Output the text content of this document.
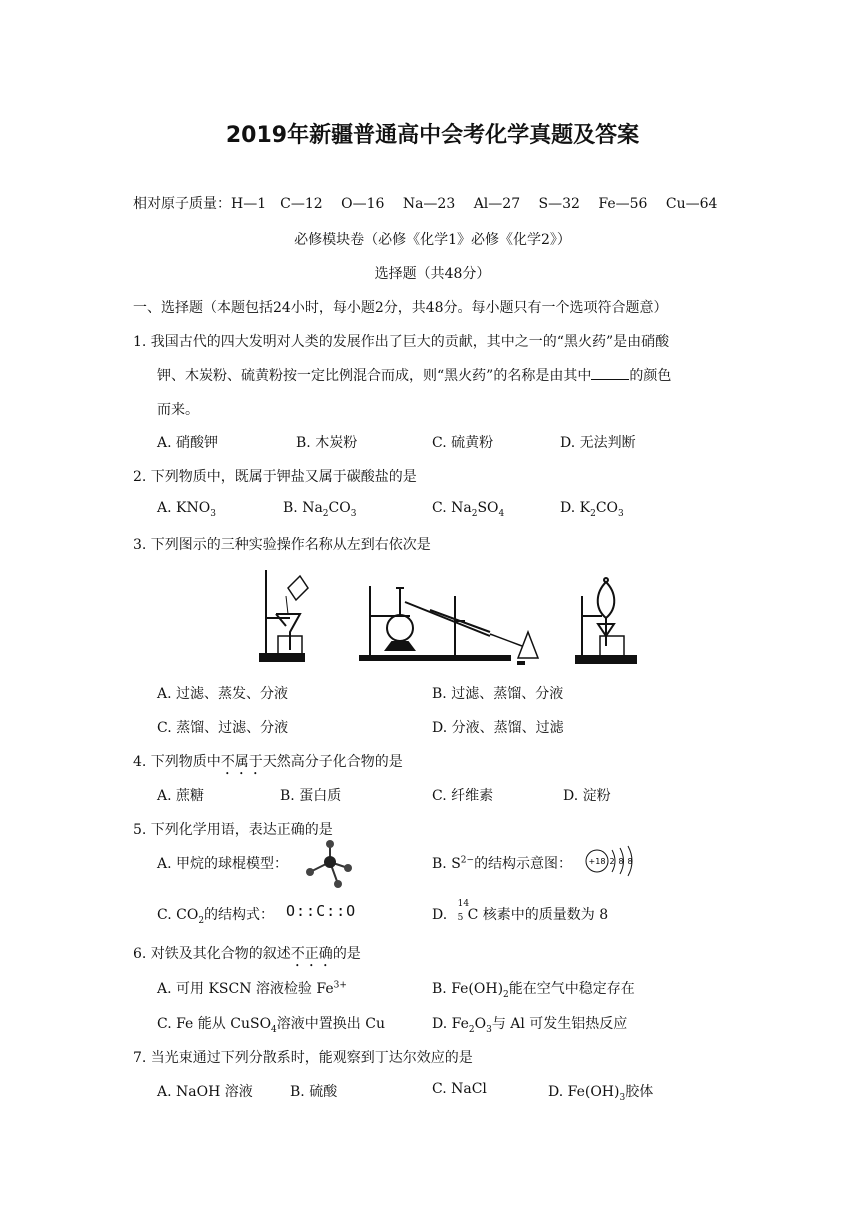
2019年新疆普通高中会考化学真题及答案
相对原子质量：H—1　C—12　 O—16　 Na—23　 Al—27　 S—32　 Fe—56　 Cu—64
必修模块卷（必修《化学1》必修《化学2》）
选择题（共48分）
一、选择题（本题包括24小时，每小题2分，共48分。每小题只有一个选项符合题意）
1. 我国古代的四大发明对人类的发展作出了巨大的贡献，其中之一的“黑火药”是由硝酸
钾、木炭粉、硫黄粉按一定比例混合而成，则“黑火药”的名称是由其中	的颜色
而来。
A. 硝酸钾	B. 木炭粉	C. 硫黄粉	D. 无法判断
2. 下列物质中，既属于钾盐又属于碳酸盐的是
A. $KNO_3$	B. $Na_2CO_3$	C. $Na_2SO_4$	D. $K_2CO_3$
3. 下列图示的三种实验操作名称从左到右依次是
A. 过滤、蒸发、分液	B. 过滤、蒸馏、分液
C. 蒸馏、过滤、分液	D. 分液、蒸馏、过滤
4. 下列物质中不属于天然高分子化合物的是
A. 蔗糖	B. 蛋白质	C. 纤维素	D. 淀粉
5. 下列化学用语，表达正确的是
A. 甲烷的球棍模型：	B. $S^{2-}$的结构示意图： +18 2 8 8
C. $CO_2$的结构式： O::C::O	D.
14
5 C 核素中的质量数为 8
6. 对铁及其化合物的叙述不正确的是
A. 可用 KSCN 溶液检验 $Fe^{3+}$	B. $Fe(OH)_2$能在空气中稳定存在
C. Fe 能从 CuSO$_4$溶液中置换出 Cu	D. $Fe_2O_3$与 Al 可发生铝热反应
7. 当光束通过下列分散系时，能观察到丁达尔效应的是
A. NaOH 溶液	B. 硫酸	C. NaCl	D. $Fe(OH)_3$胶体
